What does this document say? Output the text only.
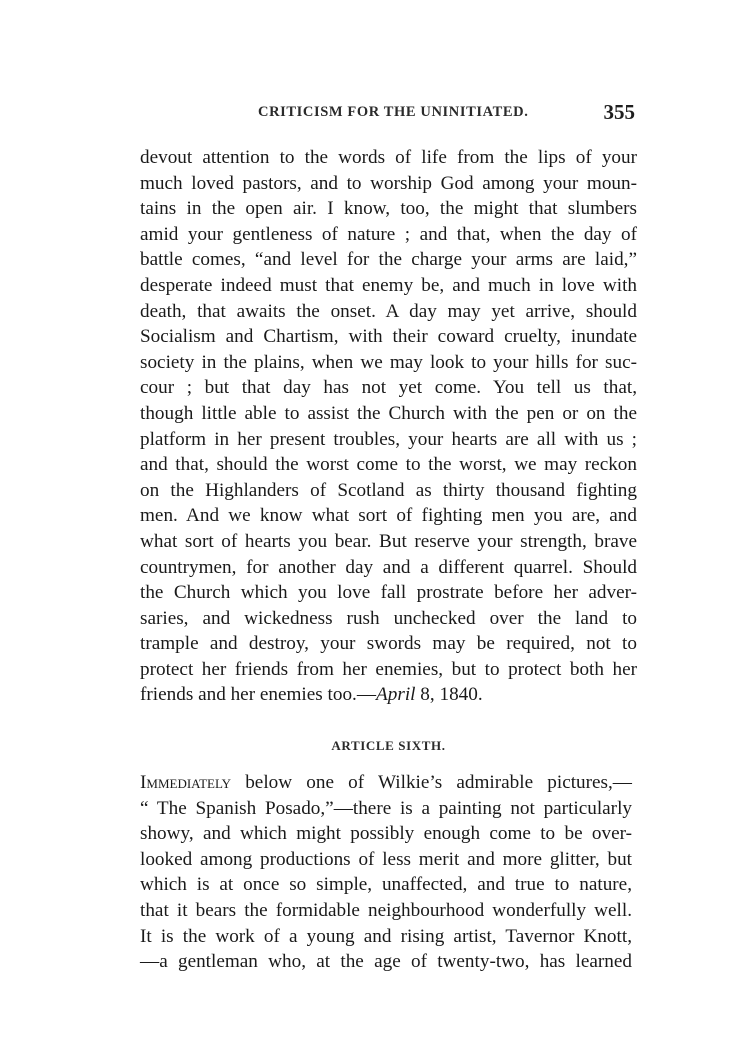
CRITICISM FOR THE UNINITIATED.	355
devout attention to the words of life from the lips of your
much loved pastors, and to worship God among your moun-
tains in the open air. I know, too, the might that slumbers
amid your gentleness of nature ; and that, when the day of
battle comes, “and level for the charge your arms are laid,”
desperate indeed must that enemy be, and much in love with
death, that awaits the onset. A day may yet arrive, should
Socialism and Chartism, with their coward cruelty, inundate
society in the plains, when we may look to your hills for suc-
cour ; but that day has not yet come. You tell us that,
though little able to assist the Church with the pen or on the
platform in her present troubles, your hearts are all with us ;
and that, should the worst come to the worst, we may reckon
on the Highlanders of Scotland as thirty thousand fighting
men. And we know what sort of fighting men you are, and
what sort of hearts you bear. But reserve your strength, brave
countrymen, for another day and a different quarrel. Should
the Church which you love fall prostrate before her adver-
saries, and wickedness rush unchecked over the land to
trample and destroy, your swords may be required, not to
protect her friends from her enemies, but to protect both her
friends and her enemies too.—April 8, 1840.
ARTICLE SIXTH.
Immediately below one of Wilkie’s admirable pictures,—
“ The Spanish Posado,”—there is a painting not particularly
showy, and which might possibly enough come to be over-
looked among productions of less merit and more glitter, but
which is at once so simple, unaffected, and true to nature,
that it bears the formidable neighbourhood wonderfully well.
It is the work of a young and rising artist, Tavernor Knott,
—a gentleman who, at the age of twenty-two, has learned
